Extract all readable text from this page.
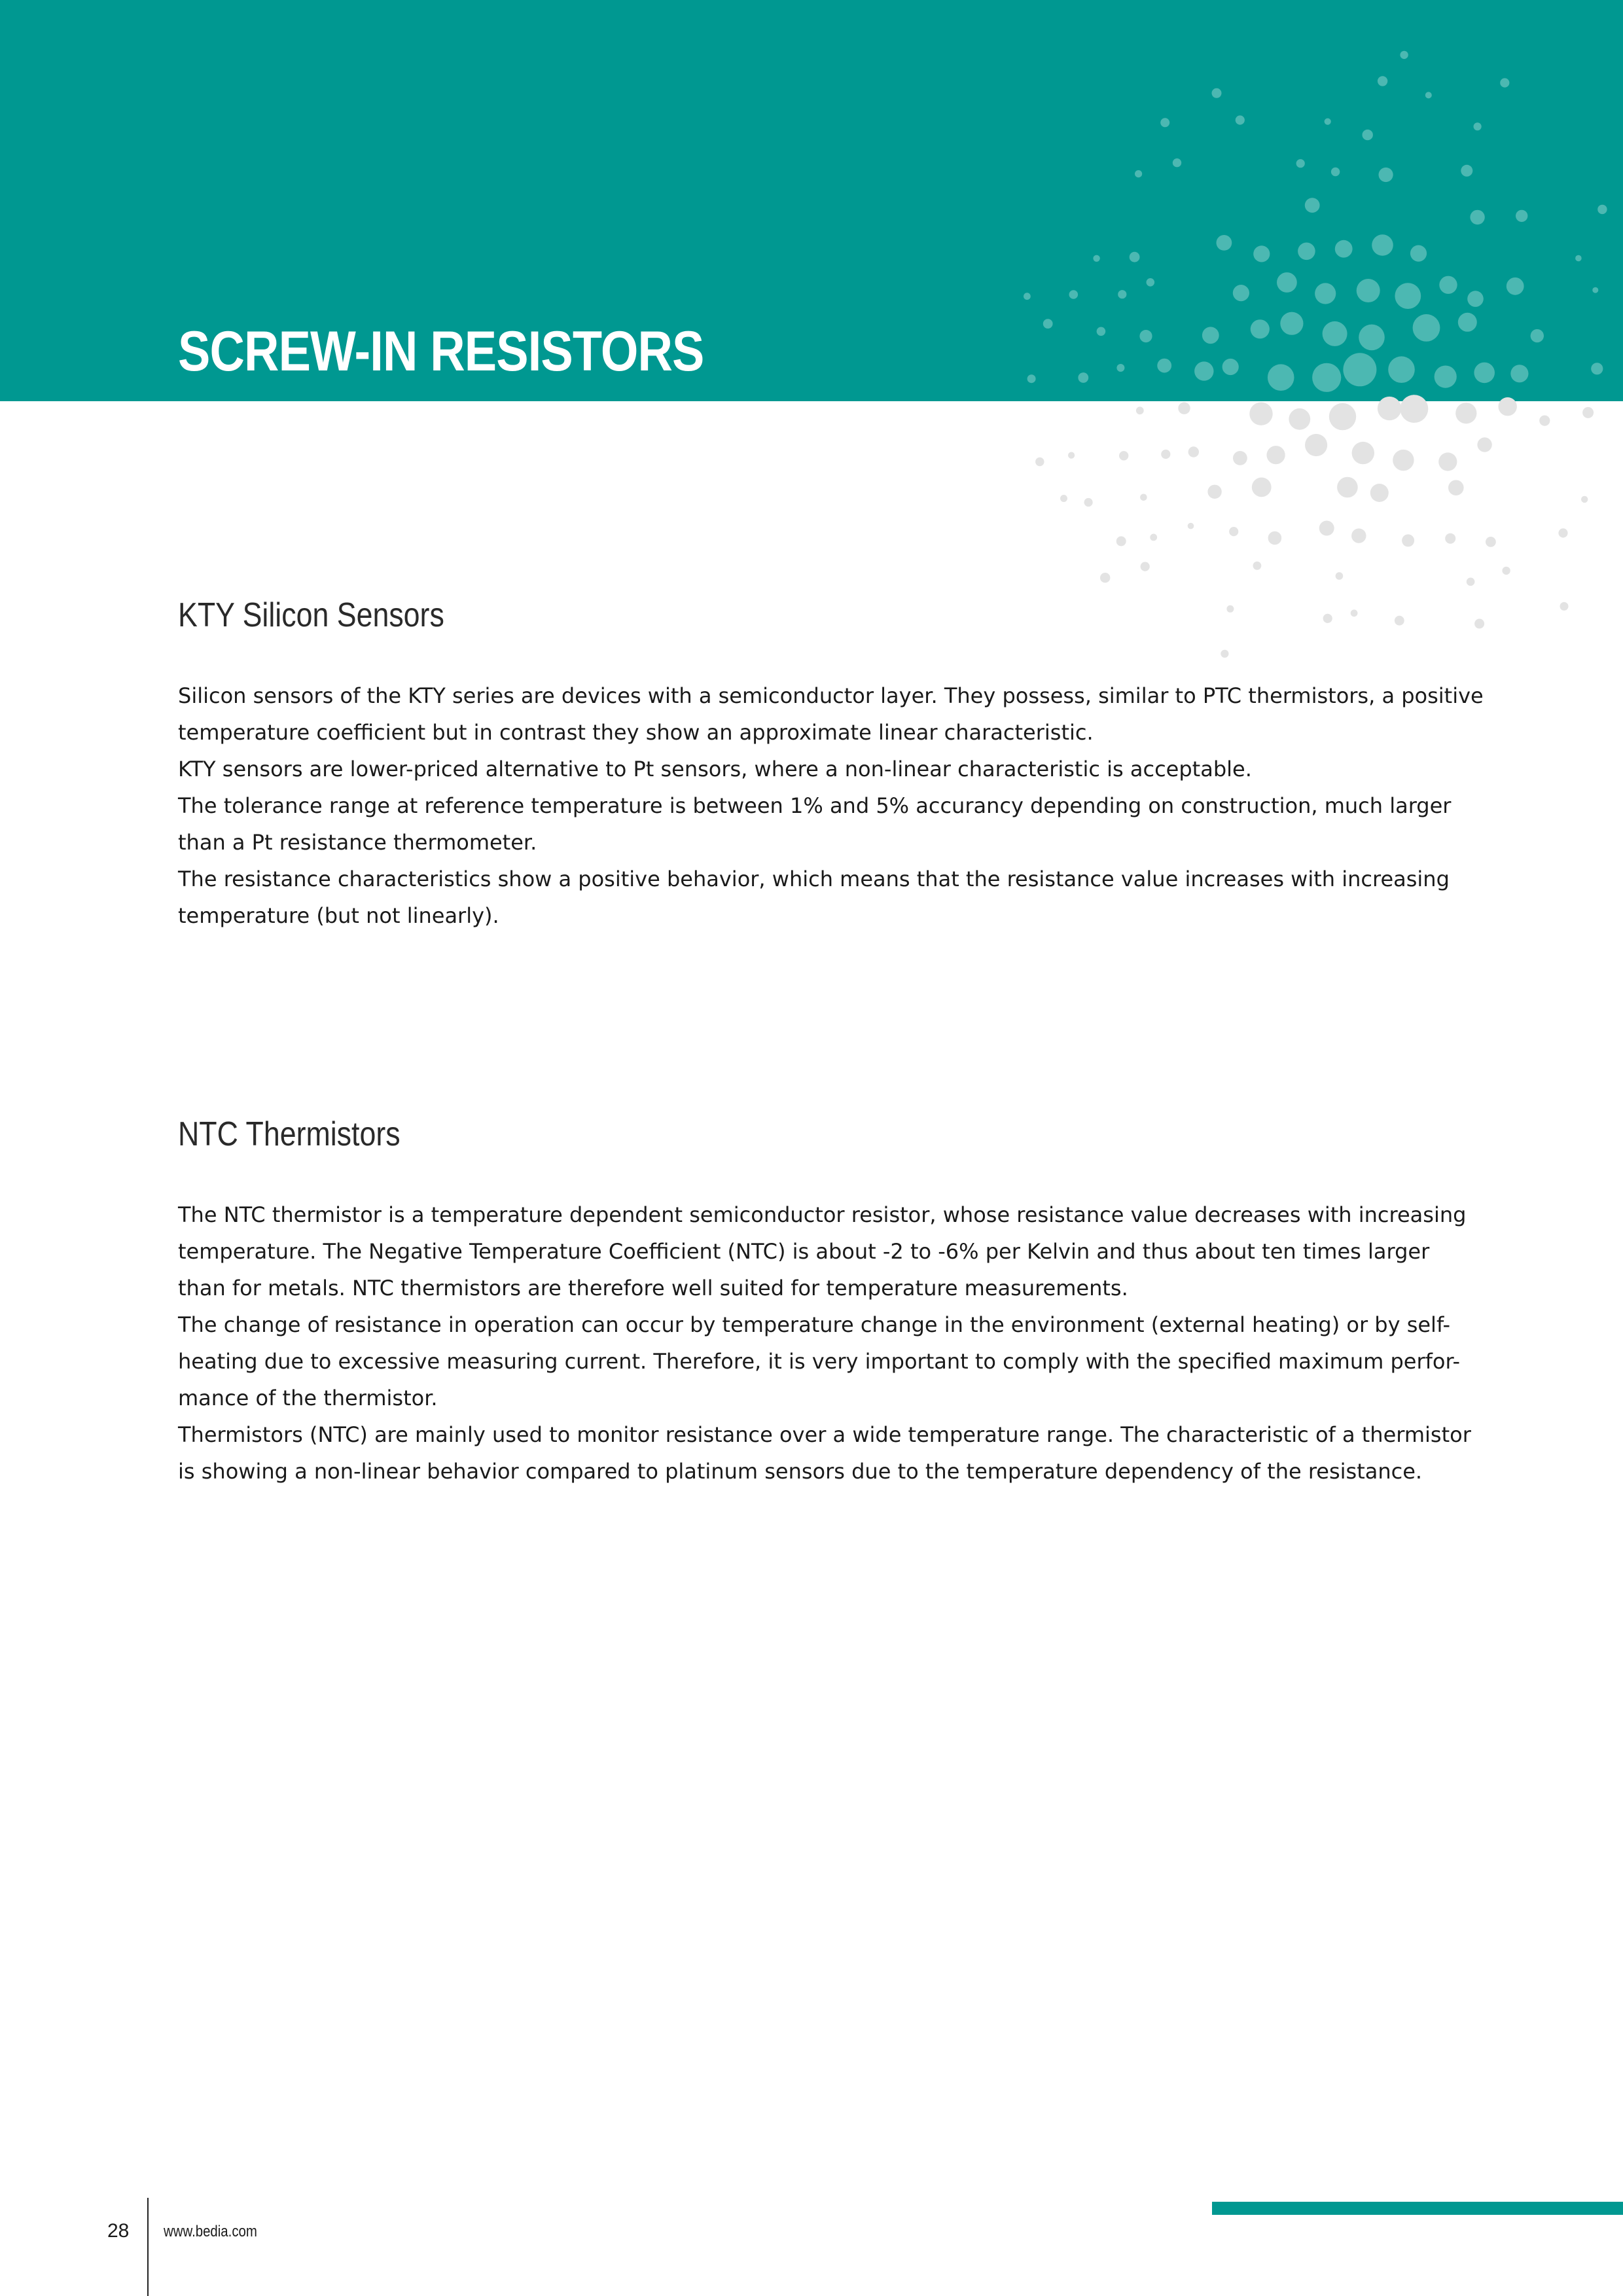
SCREW-IN RESISTORS
KTY Silicon Sensors

Silicon sensors of the KTY series are devices with a semiconductor layer. They possess, similar to PTC thermistors, a positive

temperature coefficient but in contrast they show an approximate linear characteristic.

KTY sensors are lower-priced alternative to Pt sensors, where a non-linear characteristic is acceptable.

The tolerance range at reference temperature is between 1% and 5% accurancy depending on construction, much larger

than a Pt resistance thermometer.

The resistance characteristics show a positive behavior, which means that the resistance value increases with increasing

temperature (but not linearly).

NTC Thermistors

The NTC thermistor is a temperature dependent semiconductor resistor, whose resistance value decreases with increasing

temperature. The Negative Temperature Coefficient (NTC) is about -2 to -6% per Kelvin and thus about ten times larger

than for metals. NTC thermistors are therefore well suited for temperature measurements.

The change of resistance in operation can occur by temperature change in the environment (external heating) or by self-

heating due to excessive measuring current. Therefore, it is very important to comply with the specified maximum perfor-

mance of the thermistor.

Thermistors (NTC) are mainly used to monitor resistance over a wide temperature range. The characteristic of a thermistor

is showing a non-linear behavior compared to platinum sensors due to the temperature dependency of the resistance.

28 www.bedia.com
